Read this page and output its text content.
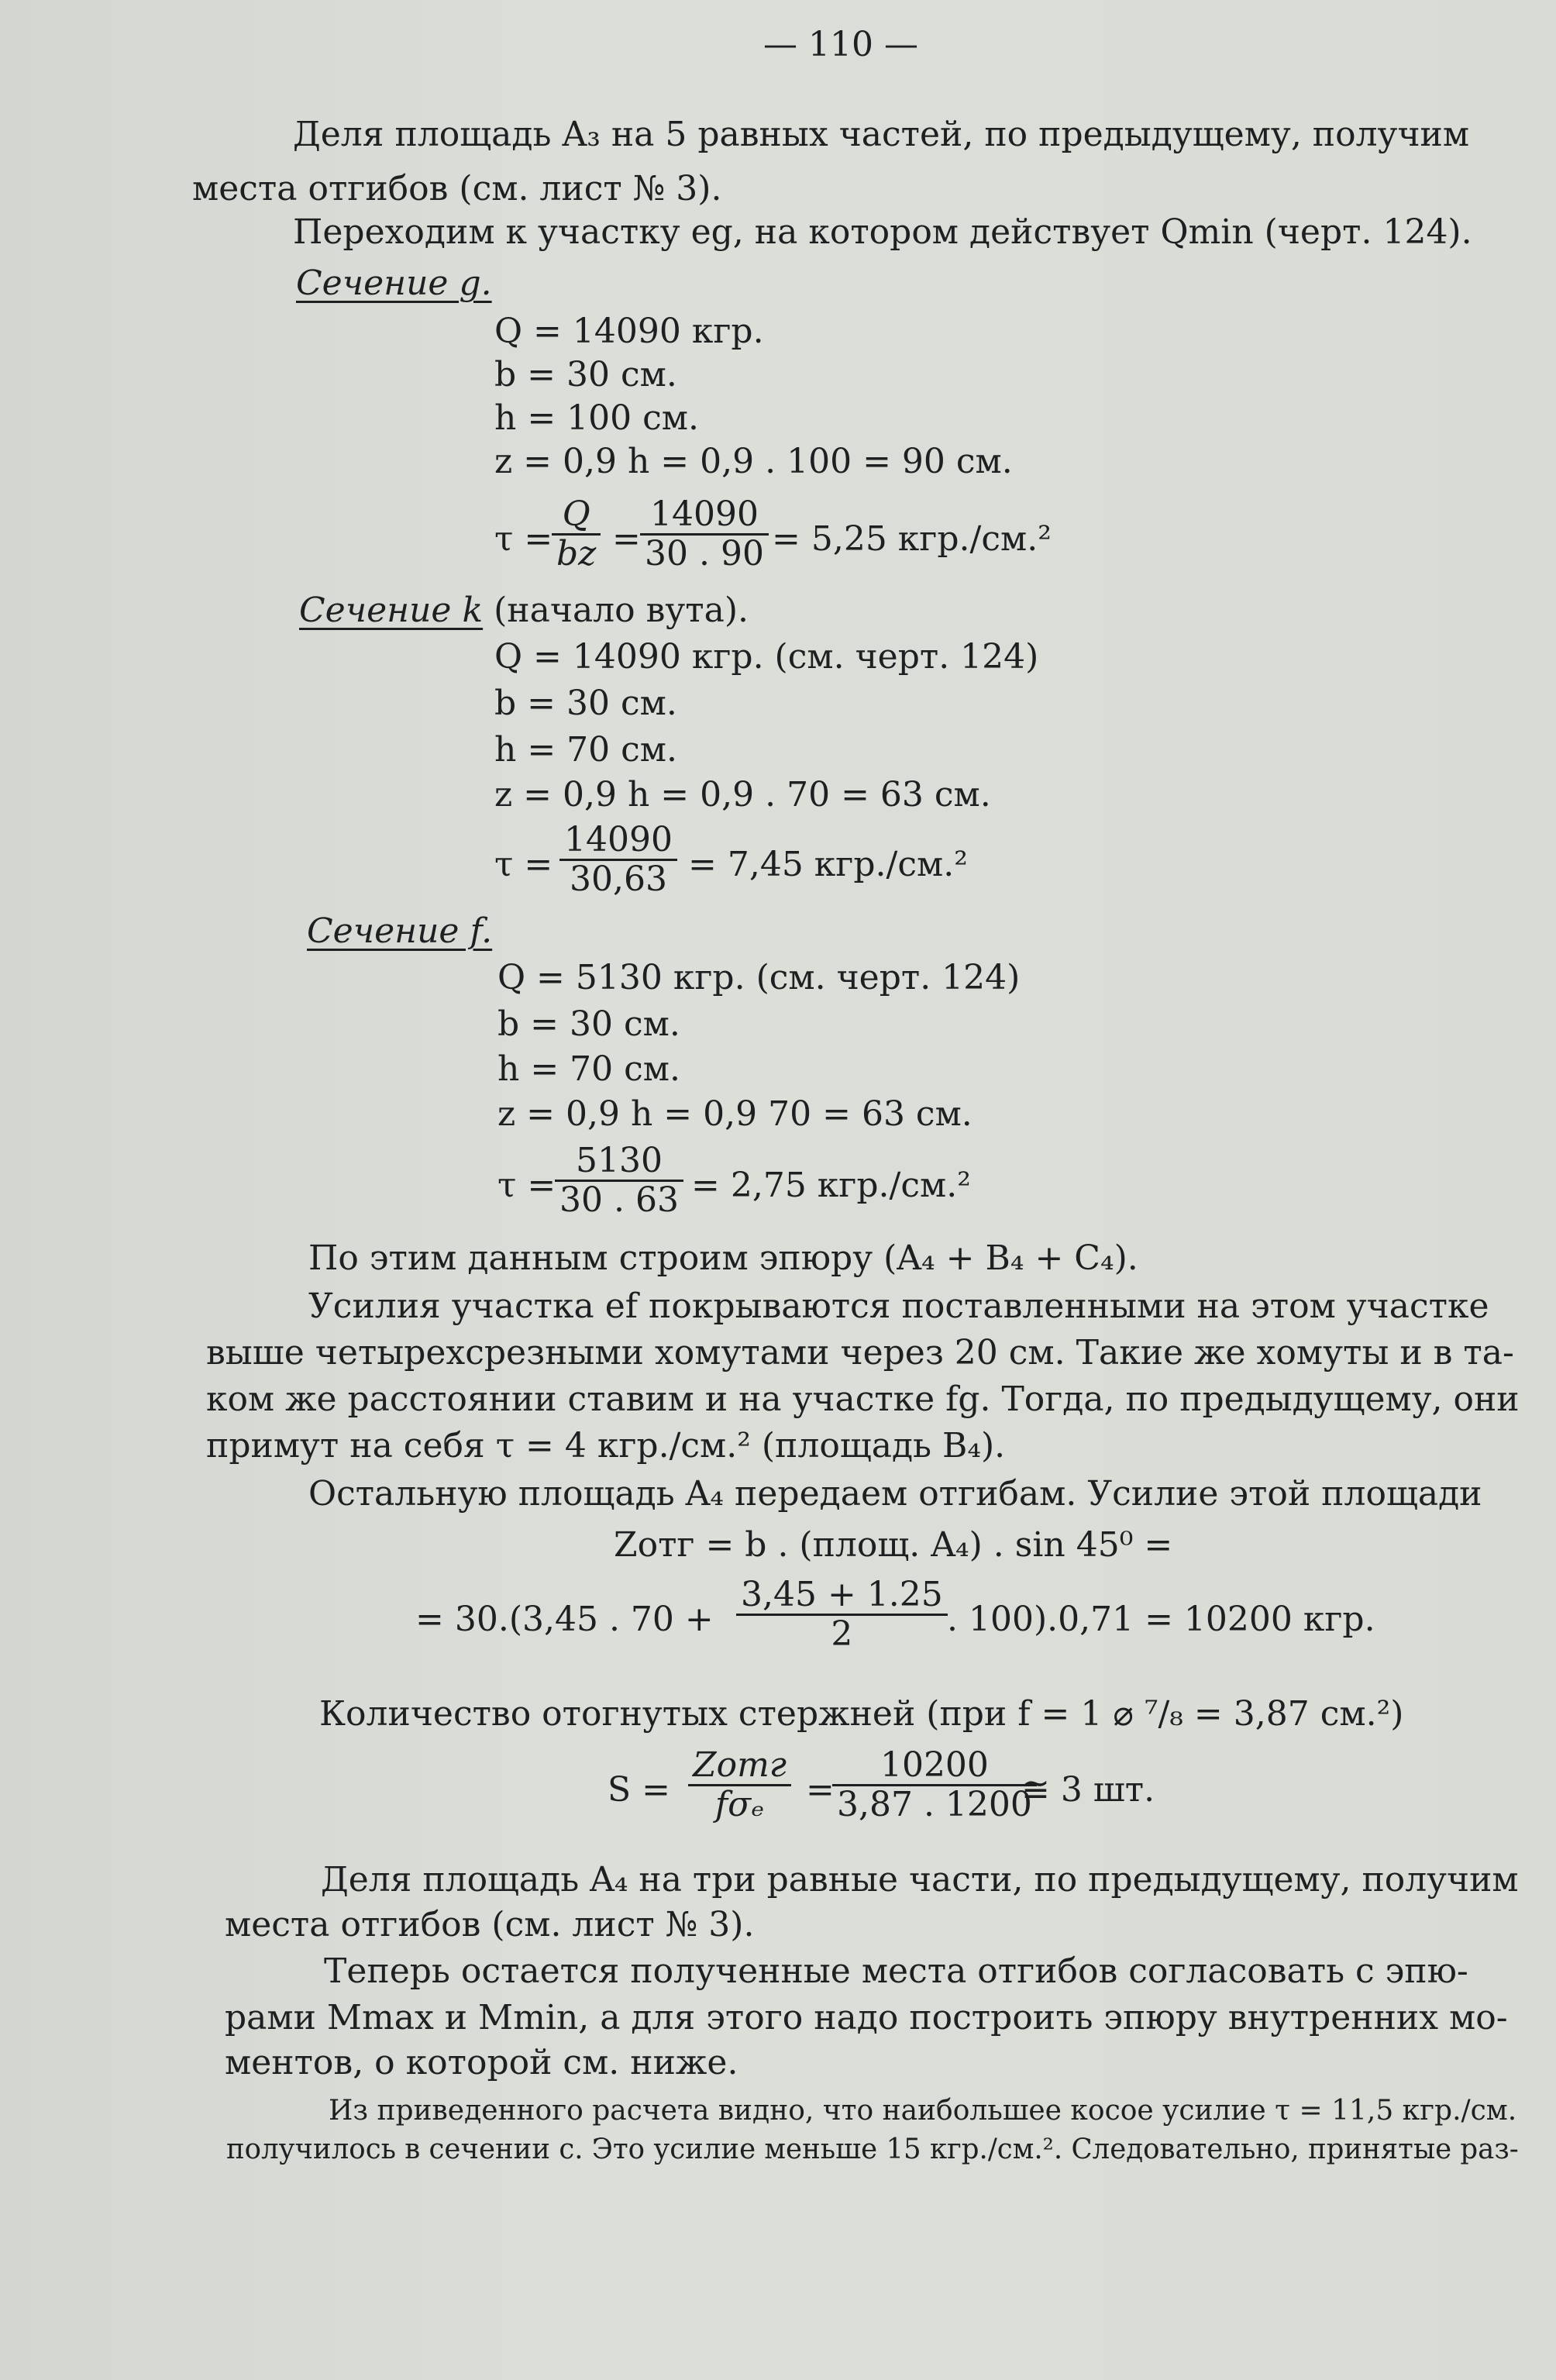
— 110 —
Деля площадь A₃ на 5 равных частей, по предыдущему, получим
места отгибов (см. лист № 3).
Переходим к участку eg, на котором действует Qmin (черт. 124).
Сечение g.
Q = 14090 кгр.
b = 30 см.
h = 100 см.
z = 0,9 h = 0,9 . 100 = 90 см.
τ =
$\frac{Q}{bz} = \frac{14090}{30 . 90} = 5,25$ кгр./см.²
Сечение k (начало вута).
Q = 14090 кгр. (см. черт. 124)
b = 30 см.
h = 70 см.
z = 0,9 h = 0,9 . 70 = 63 см.
$\tau = \frac{14090}{30,63} = 7,45$ кгр./см.²
Сечение f.
Q = 5130 кгр. (см. черт. 124)
b = 30 см.
h = 70 см.
z = 0,9 h = 0,9 70 = 63 см.
τ =
$\frac{5130}{30 . 63} = 2,75$ кгр./см.²
По этим данным строим эпюру (A₄ + B₄ + C₄).
Усилия участка ef покрываются поставленными на этом участке
выше четырехсрезными хомутами через 20 см. Такие же хомуты и в та-
ком же расстоянии ставим и на участке fg. Тогда, по предыдущему, они
примут на себя τ = 4 кгр./см.² (площадь B₄).
Остальную площадь A₄ передаем отгибам. Усилие этой площади
Zотг = b . (площ. A₄) . sin 45⁰ =
= 30.(3,45 . $70 + \frac{3,45 + 1.25}{2}$ . 100).0,71 = 10200 кгр.
Количество отогнутых стержней (при f = 1 ⌀ ⁷/₈ = 3,87 см.²)
S =
Zотг
fσₑ	=
$\frac{10200}{3,87 . 1200}$
≅ 3 шт.
Деля площадь A₄ на три равные части, по предыдущему, получим
места отгибов (см. лист № 3).
Теперь остается полученные места отгибов согласовать с эпю-
рами Mmax и Mmin, а для этого надо построить эпюру внутренних мо-
ментов, о которой см. ниже.
Из приведенного расчета видно, что наибольшее косое усилие τ = 11,5 кгр./см.
получилось в сечении c. Это усилие меньше 15 кгр./см.². Следовательно, принятые раз-
